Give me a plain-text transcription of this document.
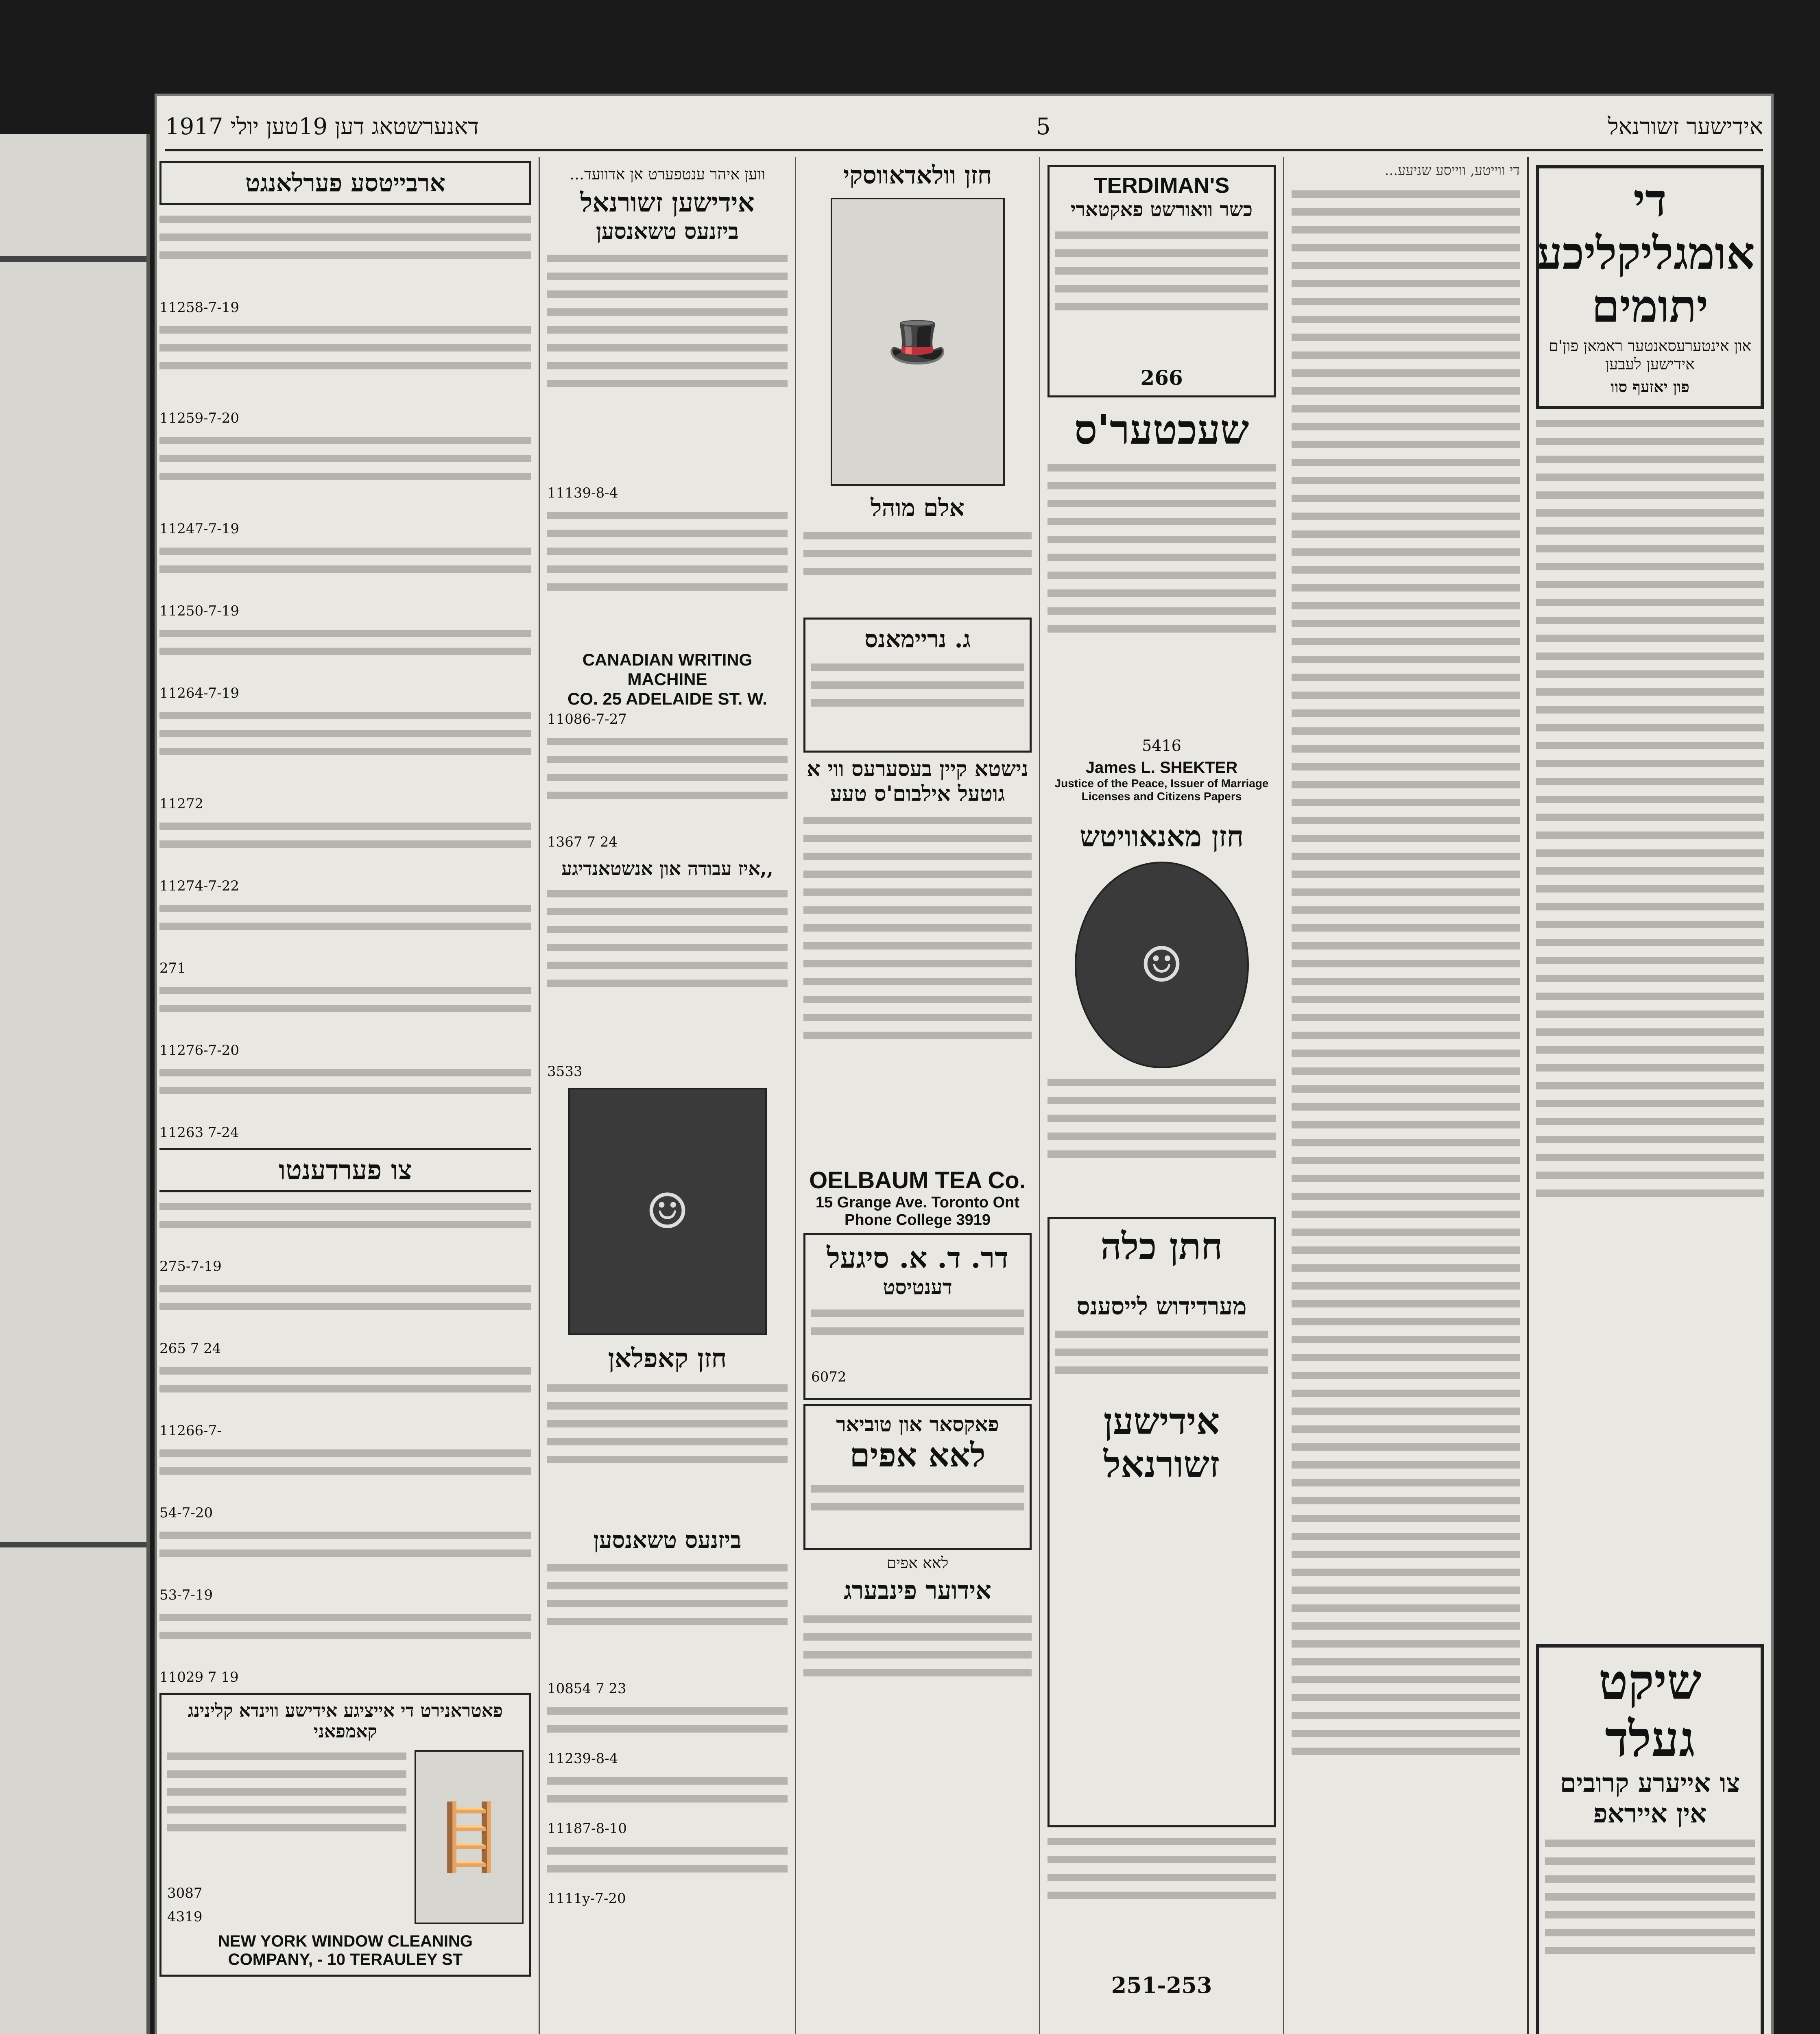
אידישער זשורנאל
5
דאנערשטאג דען 19טען יולי 1917
די אומגליקליכע יתומים
און אינטערעסאנטער ראמאן פון'ם אידישען לעבען
פון יאזעף סוו
שיקט געלד
צו אייערע קרובים אין אייראפ
די ווייטע, ווייסע שניעע...
TERDIMAN'S
כשר וואורשט פאקטארי
266
שעכטער'ס
5416
James L. SHEKTER
Justice of the Peace, Issuer of Marriage Licenses and Citizens Papers
חזן מאנאוויטש
☺
חתן כלה
מערדידוש לייסענס
אידישען זשורנאל
251-253
חזן וולאדאווסקי
🎩
אלם מוהל
ג. נריימאנס
נישטא קיין בעסערעס ווי א גוטעל אילבום'ס טעע
OELBAUM TEA Co.
15 Grange Ave. Toronto Ont
Phone College 3919
דר. ד. א. סיגעל
דענטיסט
6072
פאקסאר און טוביאר
לאא אפים
לאא אפים
אידוער פינבערג
ווען איהר ענטפערט אן אדוועד...
אידישען זשורנאל
ביזנעס טשאנסען
11139-8-4
CANADIAN WRITING MACHINE
CO. 25 ADELAIDE ST. W.
11086-7-27
1367 7 24
,,איז עבודה און אנשטאנדיגע
3533
☺
חזן קאפלאן
ביזנעס טשאנסען
10854 7 23
11239-8-4
11187-8-10
1111y-7-20
ארבייטסע פערלאנגט
11258-7-19
11259-7-20
11247-7-19
11250-7-19
11264-7-19
11272
11274-7-22
271
11276-7-20
11263 7-24
צו פערדענטו
275-7-19
265 7 24
11266-7-
54-7-20
53-7-19
11029 7 19
פאטראנירט די אייציגע אידישע ווינדא קלינינג קאמפאני
🪜
3087
4319
NEW YORK WINDOW CLEANING
COMPANY, - 10 TERAULEY ST
